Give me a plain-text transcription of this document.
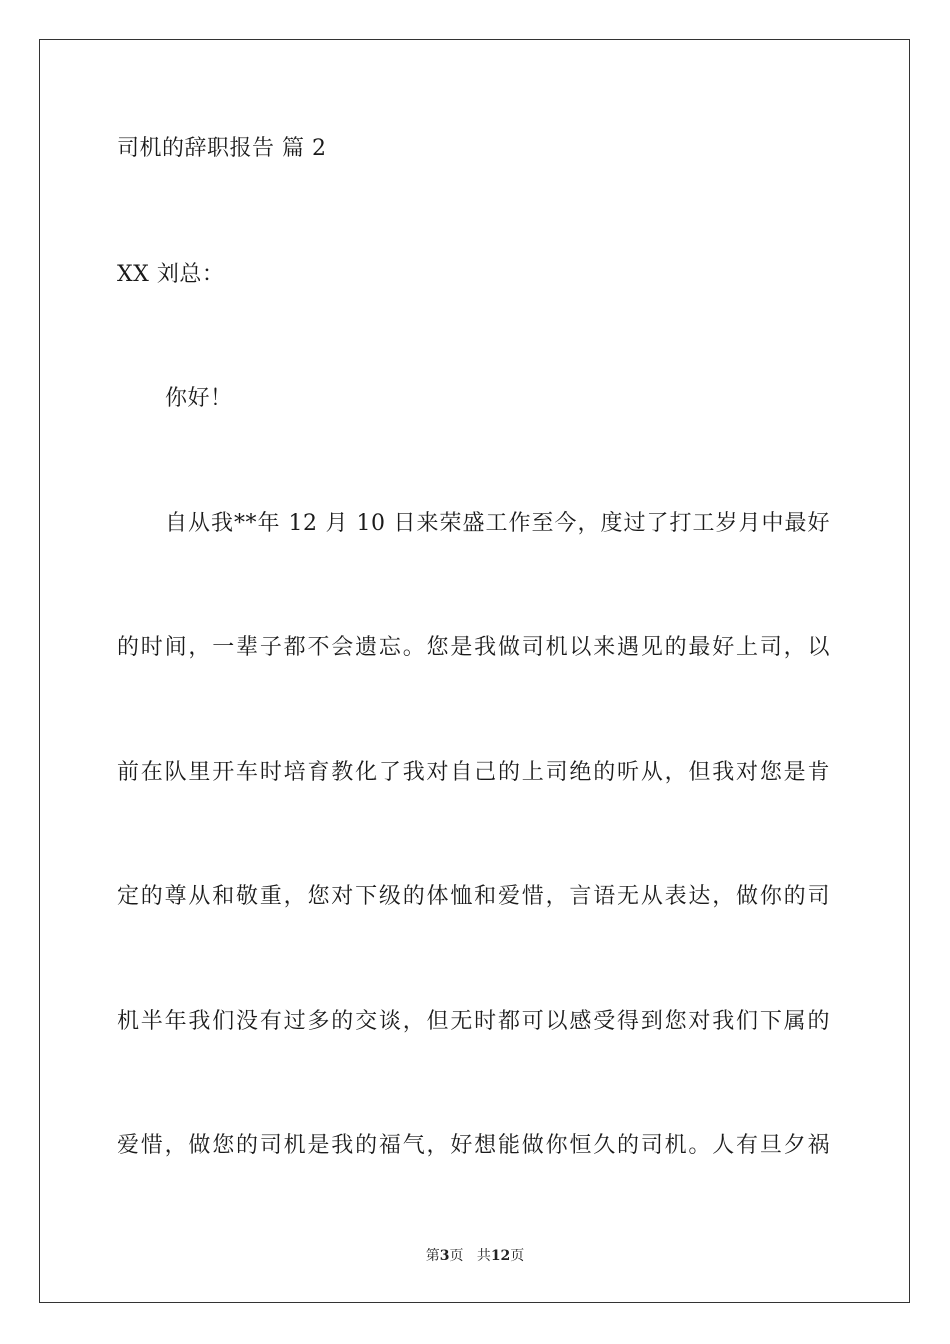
司机的辞职报告 篇 2
XX 刘总：
你好！
自从我**年 12 月 10 日来荣盛工作至今，度过了打工岁月中最好
的时间，一辈子都不会遗忘。您是我做司机以来遇见的最好上司，以
前在队里开车时培育教化了我对自己的上司绝的听从，但我对您是肯
定的尊从和敬重，您对下级的体恤和爱惜，言语无从表达，做你的司
机半年我们没有过多的交谈，但无时都可以感受得到您对我们下属的
爱惜，做您的司机是我的福气，好想能做你恒久的司机。人有旦夕祸
第3页 共12页
